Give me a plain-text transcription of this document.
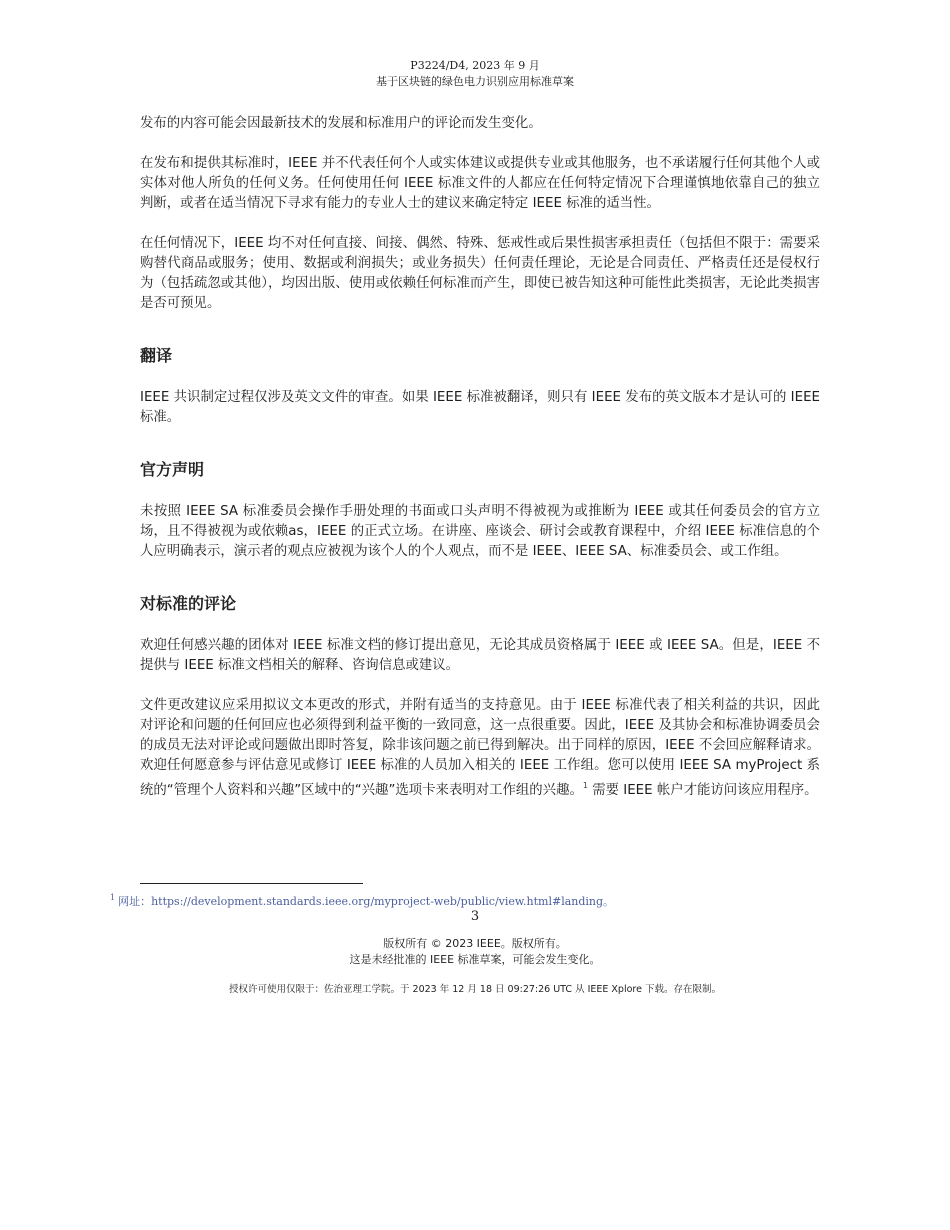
P3224/D4, 2023 年 9 月
基于区块链的绿色电力识别应用标准草案

发布的内容可能会因最新技术的发展和标准用户的评论而发生变化。

在发布和提供其标准时，IEEE 并不代表任何个人或实体建议或提供专业或其他服务，也不承诺履行任何其他个人或实体对他人所负的任何义务。任何使用任何 IEEE 标准文件的人都应在任何特定情况下合理谨慎地依靠自己的独立判断，或者在适当情况下寻求有能力的专业人士的建议来确定特定 IEEE 标准的适当性。

在任何情况下，IEEE 均不对任何直接、间接、偶然、特殊、惩戒性或后果性损害承担责任（包括但不限于：需要采购替代商品或服务；使用、数据或利润损失；或业务损失）任何责任理论，无论是合同责任、严格责任还是侵权行为（包括疏忽或其他），均因出版、使用或依赖任何标准而产生，即使已被告知这种可能性此类损害，无论此类损害是否可预见。

翻译

IEEE 共识制定过程仅涉及英文文件的审查。如果 IEEE 标准被翻译，则只有 IEEE 发布的英文版本才是认可的 IEEE 标准。

官方声明

未按照 IEEE SA 标准委员会操作手册处理的书面或口头声明不得被视为或推断为 IEEE 或其任何委员会的官方立场，且不得被视为或依赖as，IEEE 的正式立场。在讲座、座谈会、研讨会或教育课程中，介绍 IEEE 标准信息的个人应明确表示，演示者的观点应被视为该个人的个人观点，而不是 IEEE、IEEE SA、标准委员会、或工作组。

对标准的评论

欢迎任何感兴趣的团体对 IEEE 标准文档的修订提出意见，无论其成员资格属于 IEEE 或 IEEE SA。但是，IEEE 不提供与 IEEE 标准文档相关的解释、咨询信息或建议。

文件更改建议应采用拟议文本更改的形式，并附有适当的支持意见。由于 IEEE 标准代表了相关利益的共识，因此对评论和问题的任何回应也必须得到利益平衡的一致同意，这一点很重要。因此，IEEE 及其协会和标准协调委员会的成员无法对评论或问题做出即时答复，除非该问题之前已得到解决。出于同样的原因，IEEE 不会回应解释请求。欢迎任何愿意参与评估意见或修订 IEEE 标准的人员加入相关的 IEEE 工作组。您可以使用 IEEE SA myProject 系统的“管理个人资料和兴趣”区域中的“兴趣”选项卡来表明对工作组的兴趣。$^1$ 需要 IEEE 帐户才能访问该应用程序。

$^1$ 网址：https://development.standards.ieee.org/myproject-web/public/view.html#landing。
3
版权所有 © 2023 IEEE。版权所有。
这是未经批准的 IEEE 标准草案，可能会发生变化。
授权许可使用仅限于：佐治亚理工学院。于 2023 年 12 月 18 日 09:27:26 UTC 从 IEEE Xplore 下载。存在限制。
